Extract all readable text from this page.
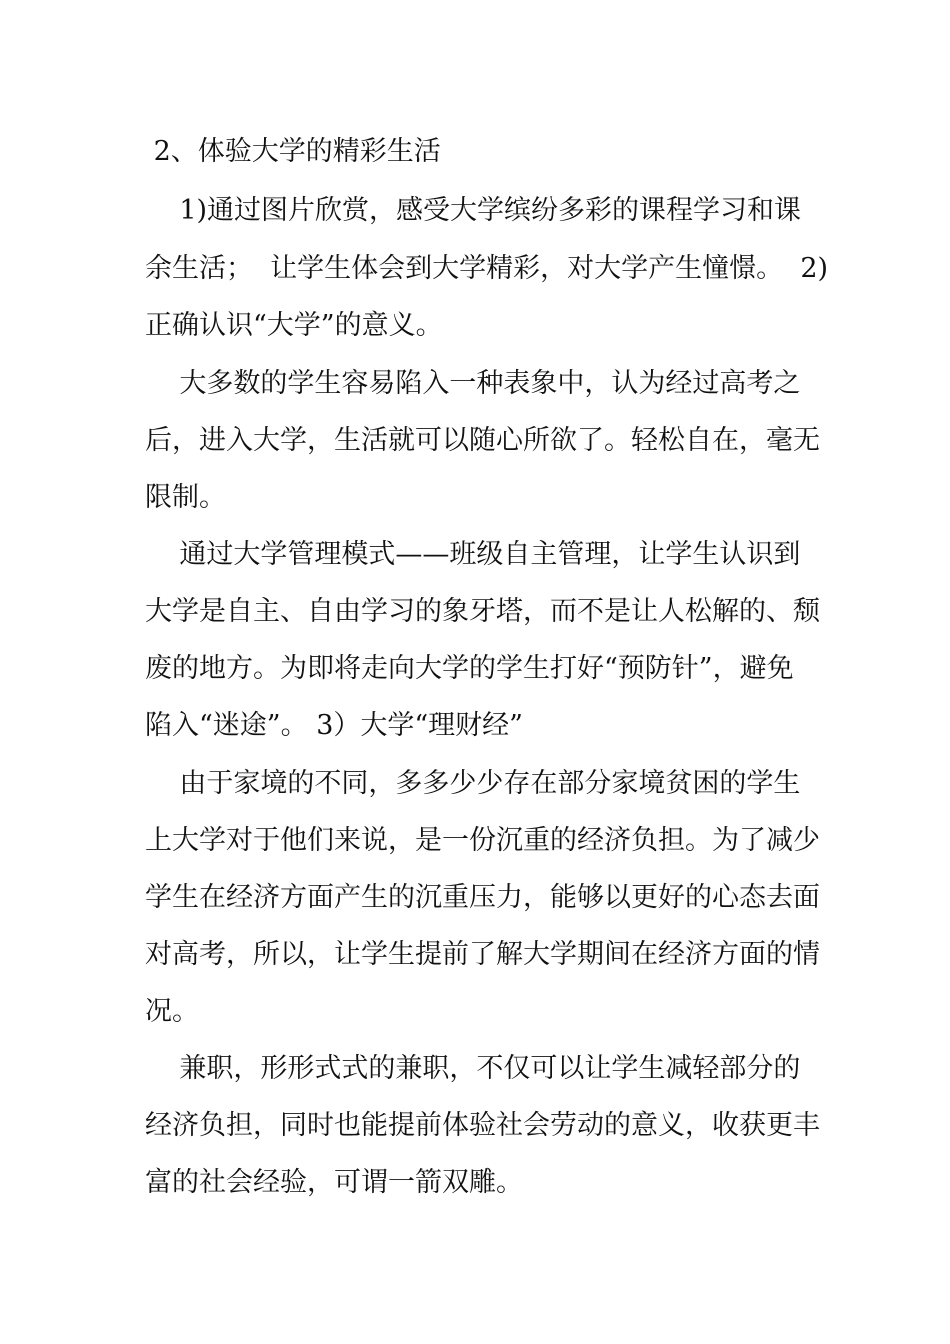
2、体验大学的精彩生活
1)通过图片欣赏，感受大学缤纷多彩的课程学习和课
余生活；  让学生体会到大学精彩，对大学产生憧憬。  2)
正确认识“大学”的意义。
大多数的学生容易陷入一种表象中，认为经过高考之
后，进入大学，生活就可以随心所欲了。轻松自在，毫无
限制。
通过大学管理模式——班级自主管理，让学生认识到
大学是自主、自由学习的象牙塔，而不是让人松解的、颓
废的地方。为即将走向大学的学生打好“预防针”，避免
陷入“迷途”。 3）大学“理财经”
由于家境的不同，多多少少存在部分家境贫困的学生
上大学对于他们来说，是一份沉重的经济负担。为了减少
学生在经济方面产生的沉重压力，能够以更好的心态去面
对高考，所以，让学生提前了解大学期间在经济方面的情
况。
兼职，形形式式的兼职，不仅可以让学生减轻部分的
经济负担，同时也能提前体验社会劳动的意义，收获更丰
富的社会经验，可谓一箭双雕。
